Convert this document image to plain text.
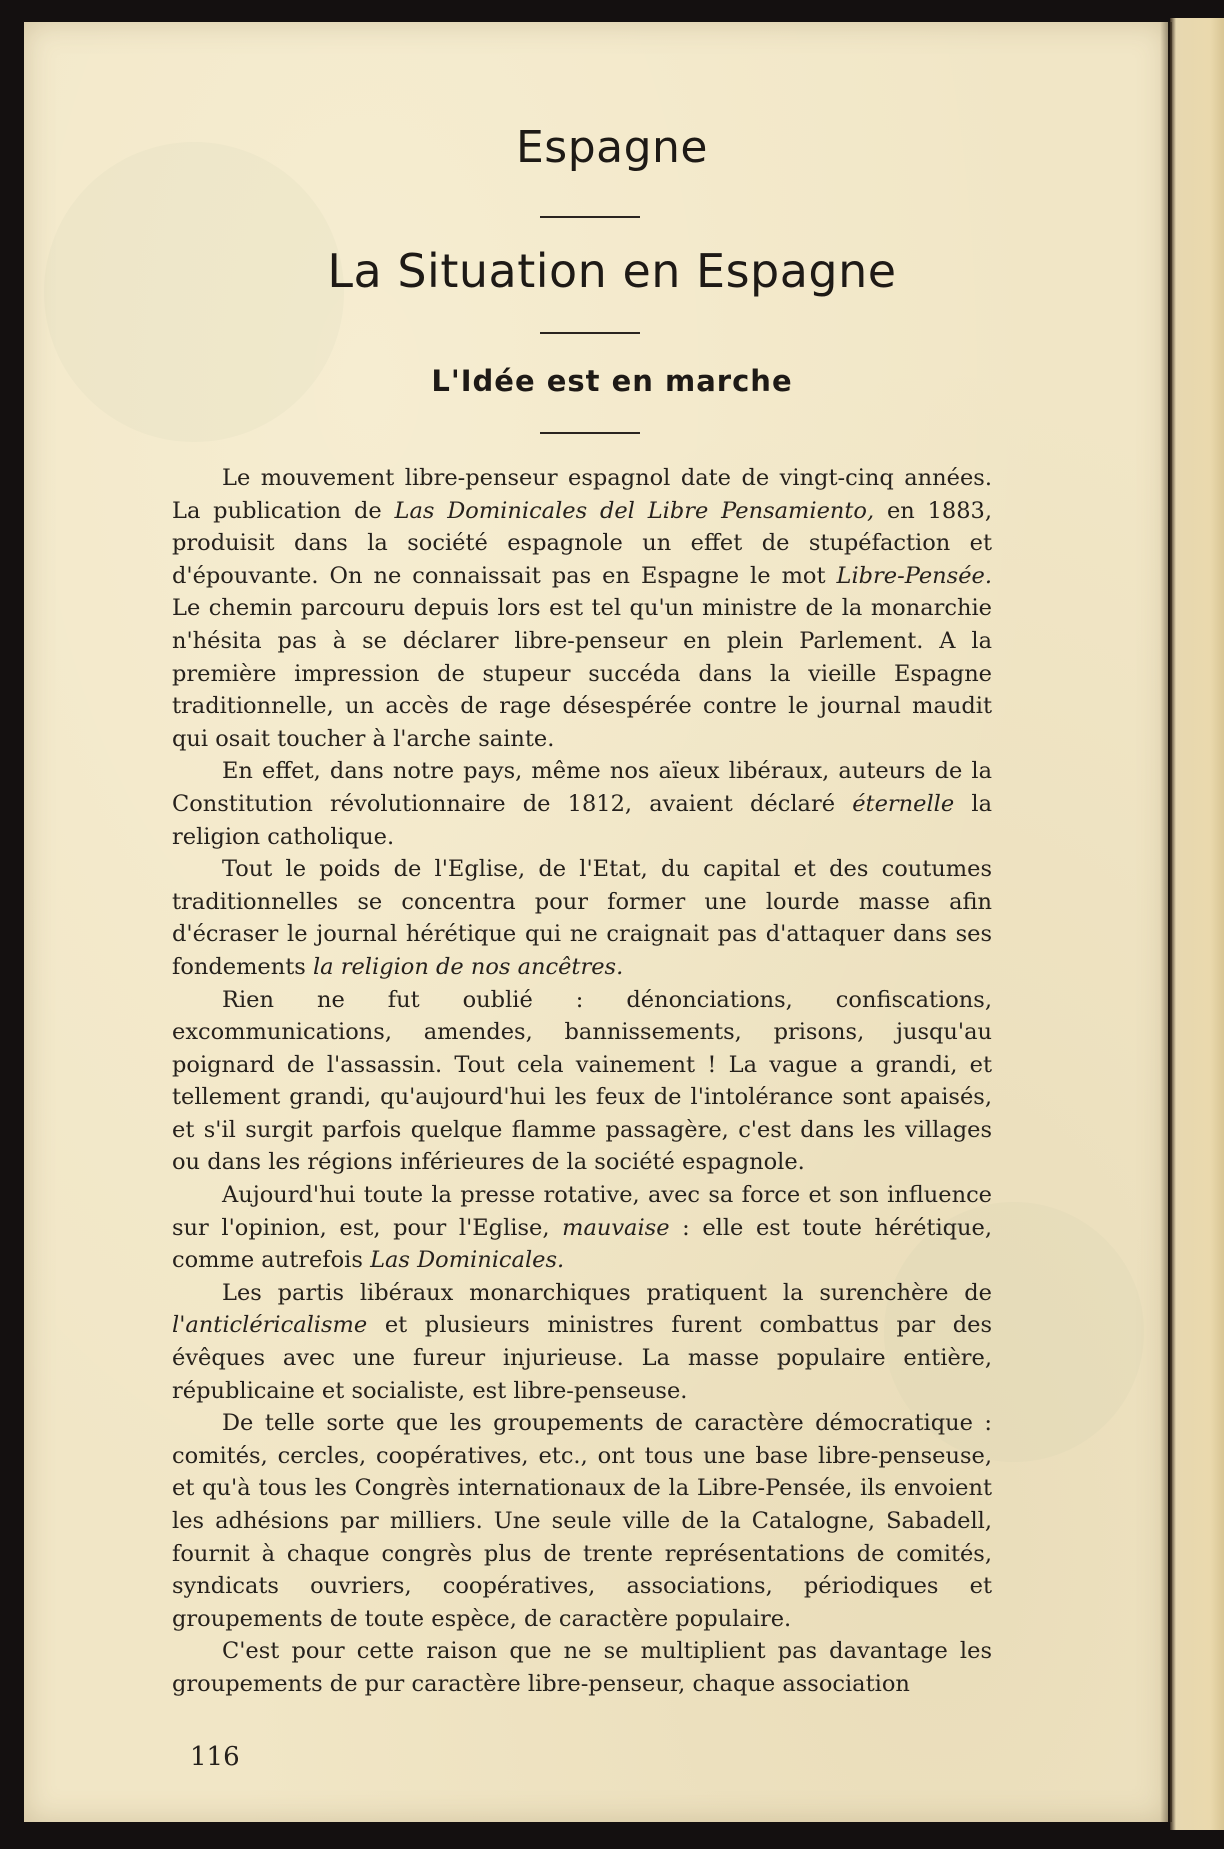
Espagne
La Situation en Espagne
L'Idée est en marche

Le mouvement libre-penseur espagnol date de vingt-cinq années. La publication de Las Dominicales del Libre Pensamiento, en 1883, produisit dans la société espagnole un effet de stupéfaction et d'épouvante. On ne connaissait pas en Espagne le mot Libre-Pensée. Le chemin parcouru depuis lors est tel qu'un ministre de la monarchie n'hésita pas à se déclarer libre-penseur en plein Parlement. A la première impression de stupeur succéda dans la vieille Espagne traditionnelle, un accès de rage désespérée contre le journal maudit qui osait toucher à l'arche sainte.

En effet, dans notre pays, même nos aïeux libéraux, auteurs de la Constitution révolutionnaire de 1812, avaient déclaré éternelle la religion catholique.

Tout le poids de l'Eglise, de l'Etat, du capital et des coutumes traditionnelles se concentra pour former une lourde masse afin d'écraser le journal hérétique qui ne craignait pas d'attaquer dans ses fondements la religion de nos ancêtres.

Rien ne fut oublié : dénonciations, confiscations, excommunications, amendes, bannissements, prisons, jusqu'au poignard de l'assassin. Tout cela vainement ! La vague a grandi, et tellement grandi, qu'aujourd'hui les feux de l'intolérance sont apaisés, et s'il surgit parfois quelque flamme passagère, c'est dans les villages ou dans les régions inférieures de la société espagnole.

Aujourd'hui toute la presse rotative, avec sa force et son influence sur l'opinion, est, pour l'Eglise, mauvaise : elle est toute hérétique, comme autrefois Las Dominicales.

Les partis libéraux monarchiques pratiquent la surenchère de l'anticléricalisme et plusieurs ministres furent combattus par des évêques avec une fureur injurieuse. La masse populaire entière, républicaine et socialiste, est libre-penseuse.

De telle sorte que les groupements de caractère démocratique : comités, cercles, coopératives, etc., ont tous une base libre-penseuse, et qu'à tous les Congrès internationaux de la Libre-Pensée, ils envoient les adhésions par milliers. Une seule ville de la Catalogne, Sabadell, fournit à chaque congrès plus de trente représentations de comités, syndicats ouvriers, coopératives, associations, périodiques et groupements de toute espèce, de caractère populaire.

C'est pour cette raison que ne se multiplient pas davantage les groupements de pur caractère libre-penseur, chaque association

116
